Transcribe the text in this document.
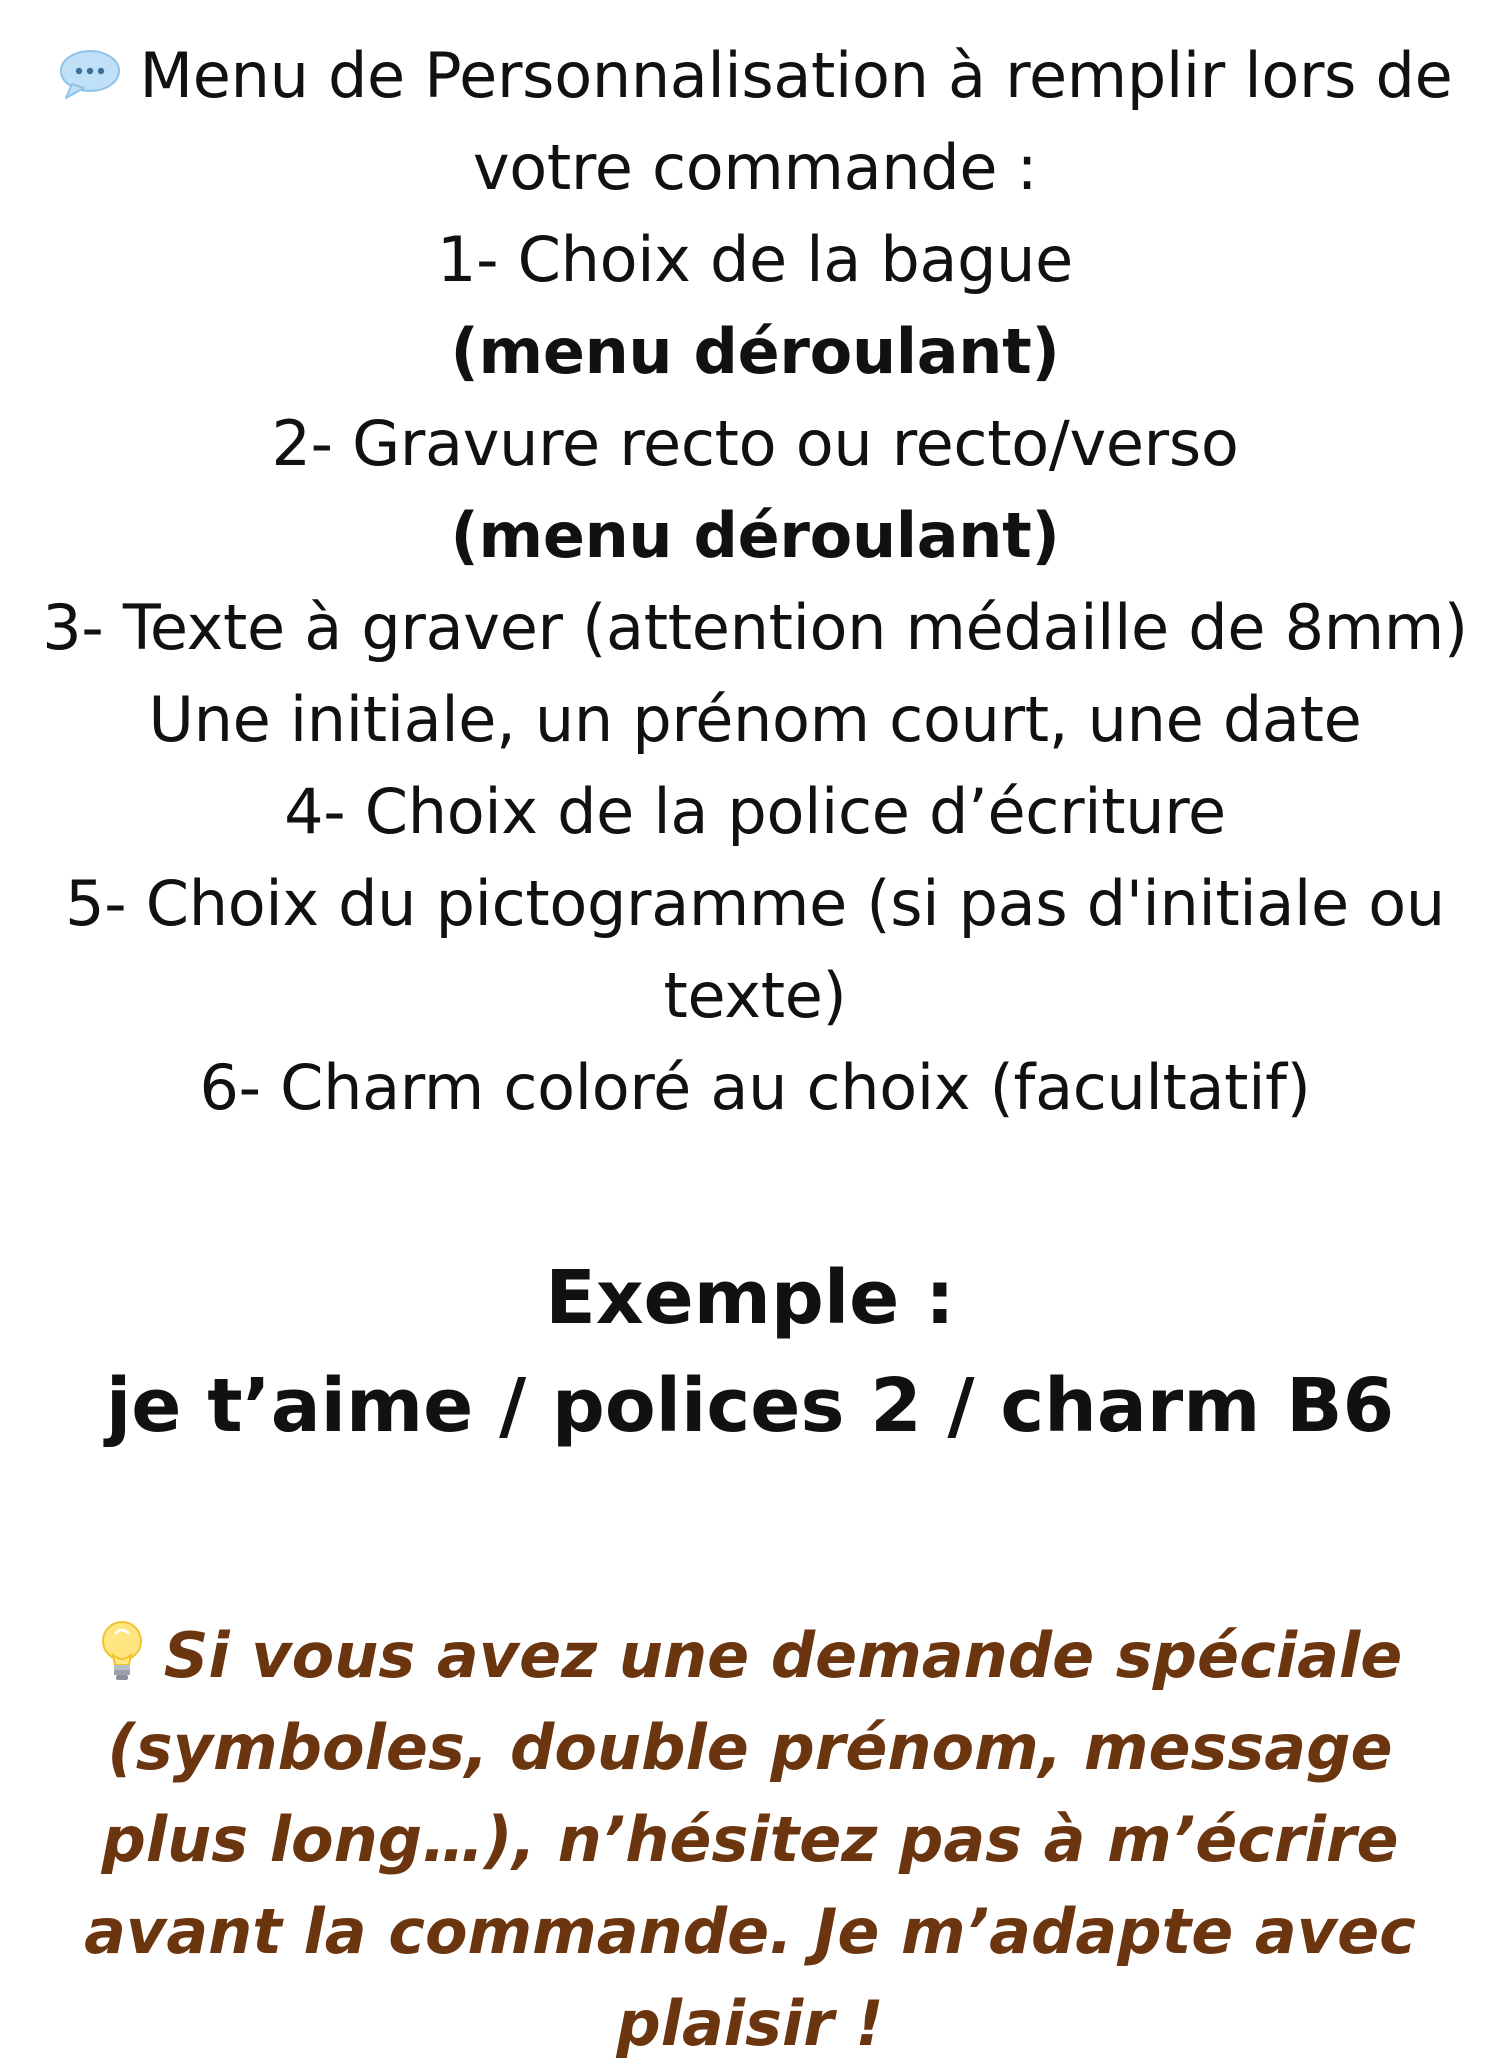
Menu de Personnalisation à remplir lors de
votre commande :
1- Choix de la bague
(menu déroulant)
2- Gravure recto ou recto/verso
(menu déroulant)
3- Texte à graver (attention médaille de 8mm)
Une initiale, un prénom court, une date
4- Choix de la police d’écriture
5- Choix du pictogramme (si pas d'initiale ou
texte)
6- Charm coloré au choix (facultatif)
Exemple :
je t’aime / polices 2 / charm B6
Si vous avez une demande spéciale (symboles, double prénom, message plus long…), n’hésitez pas à m’écrire avant la commande. Je m’adapte avec plaisir !
